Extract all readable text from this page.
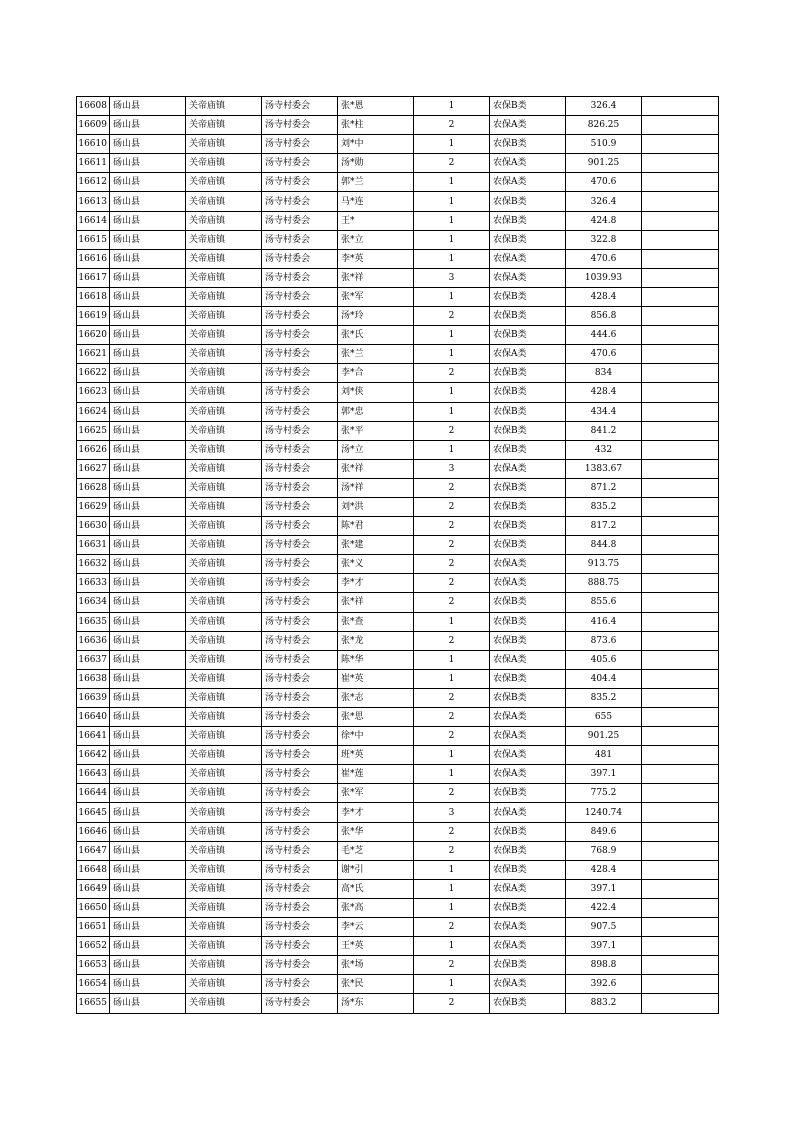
16608	砀山县	关帝庙镇	汤寺村委会	张*恩	1	农保B类	326.4	
16609	砀山县	关帝庙镇	汤寺村委会	张*柱	2	农保A类	826.25	
16610	砀山县	关帝庙镇	汤寺村委会	刘*中	1	农保B类	510.9	
16611	砀山县	关帝庙镇	汤寺村委会	汤*勋	2	农保A类	901.25	
16612	砀山县	关帝庙镇	汤寺村委会	郭*兰	1	农保A类	470.6	
16613	砀山县	关帝庙镇	汤寺村委会	马*连	1	农保B类	326.4	
16614	砀山县	关帝庙镇	汤寺村委会	王*	1	农保B类	424.8	
16615	砀山县	关帝庙镇	汤寺村委会	张*立	1	农保B类	322.8	
16616	砀山县	关帝庙镇	汤寺村委会	李*英	1	农保A类	470.6	
16617	砀山县	关帝庙镇	汤寺村委会	张*祥	3	农保A类	1039.93	
16618	砀山县	关帝庙镇	汤寺村委会	张*军	1	农保B类	428.4	
16619	砀山县	关帝庙镇	汤寺村委会	汤*玲	2	农保B类	856.8	
16620	砀山县	关帝庙镇	汤寺村委会	张*氏	1	农保B类	444.6	
16621	砀山县	关帝庙镇	汤寺村委会	张*兰	1	农保A类	470.6	
16622	砀山县	关帝庙镇	汤寺村委会	李*合	2	农保B类	834	
16623	砀山县	关帝庙镇	汤寺村委会	刘*侠	1	农保B类	428.4	
16624	砀山县	关帝庙镇	汤寺村委会	郭*忠	1	农保B类	434.4	
16625	砀山县	关帝庙镇	汤寺村委会	张*平	2	农保B类	841.2	
16626	砀山县	关帝庙镇	汤寺村委会	汤*立	1	农保B类	432	
16627	砀山县	关帝庙镇	汤寺村委会	张*祥	3	农保A类	1383.67	
16628	砀山县	关帝庙镇	汤寺村委会	汤*祥	2	农保B类	871.2	
16629	砀山县	关帝庙镇	汤寺村委会	刘*洪	2	农保B类	835.2	
16630	砀山县	关帝庙镇	汤寺村委会	陈*君	2	农保B类	817.2	
16631	砀山县	关帝庙镇	汤寺村委会	张*建	2	农保B类	844.8	
16632	砀山县	关帝庙镇	汤寺村委会	张*义	2	农保A类	913.75	
16633	砀山县	关帝庙镇	汤寺村委会	李*才	2	农保A类	888.75	
16634	砀山县	关帝庙镇	汤寺村委会	张*祥	2	农保B类	855.6	
16635	砀山县	关帝庙镇	汤寺村委会	张*查	1	农保B类	416.4	
16636	砀山县	关帝庙镇	汤寺村委会	张*龙	2	农保B类	873.6	
16637	砀山县	关帝庙镇	汤寺村委会	陈*华	1	农保A类	405.6	
16638	砀山县	关帝庙镇	汤寺村委会	崔*英	1	农保B类	404.4	
16639	砀山县	关帝庙镇	汤寺村委会	张*志	2	农保B类	835.2	
16640	砀山县	关帝庙镇	汤寺村委会	张*思	2	农保A类	655	
16641	砀山县	关帝庙镇	汤寺村委会	徐*中	2	农保A类	901.25	
16642	砀山县	关帝庙镇	汤寺村委会	班*英	1	农保A类	481	
16643	砀山县	关帝庙镇	汤寺村委会	崔*莲	1	农保A类	397.1	
16644	砀山县	关帝庙镇	汤寺村委会	张*军	2	农保B类	775.2	
16645	砀山县	关帝庙镇	汤寺村委会	李*才	3	农保A类	1240.74	
16646	砀山县	关帝庙镇	汤寺村委会	张*华	2	农保B类	849.6	
16647	砀山县	关帝庙镇	汤寺村委会	毛*芝	2	农保B类	768.9	
16648	砀山县	关帝庙镇	汤寺村委会	谢*引	1	农保B类	428.4	
16649	砀山县	关帝庙镇	汤寺村委会	高*氏	1	农保A类	397.1	
16650	砀山县	关帝庙镇	汤寺村委会	张*高	1	农保B类	422.4	
16651	砀山县	关帝庙镇	汤寺村委会	李*云	2	农保A类	907.5	
16652	砀山县	关帝庙镇	汤寺村委会	王*英	1	农保A类	397.1	
16653	砀山县	关帝庙镇	汤寺村委会	张*场	2	农保B类	898.8	
16654	砀山县	关帝庙镇	汤寺村委会	张*民	1	农保A类	392.6	
16655	砀山县	关帝庙镇	汤寺村委会	汤*东	2	农保B类	883.2	
